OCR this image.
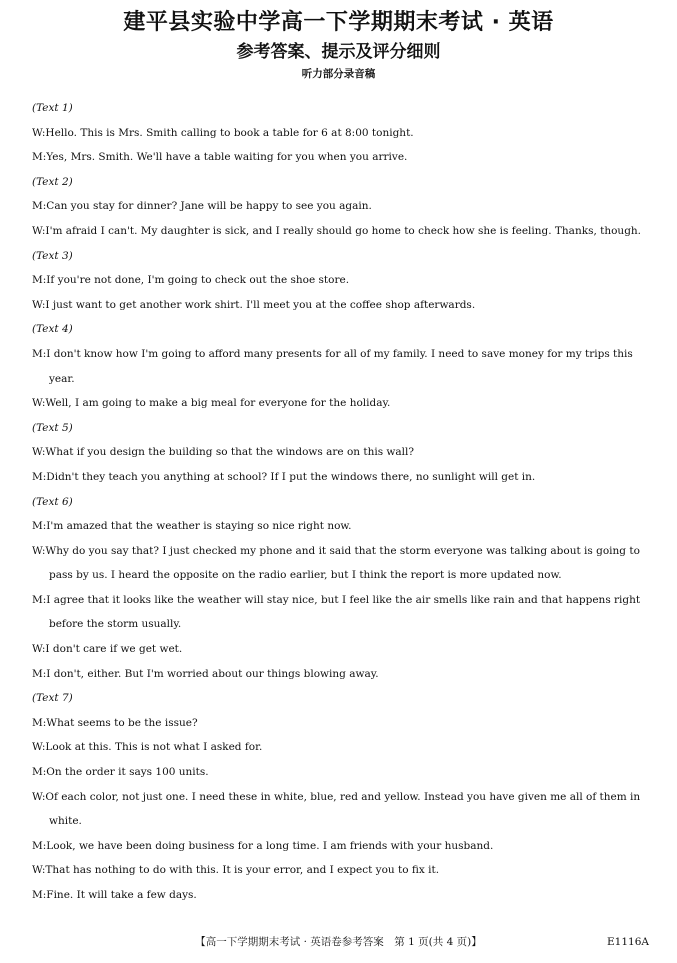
建平县实验中学高一下学期期末考试 · 英语
参考答案、提示及评分细则
听力部分录音稿
(Text 1)
W:Hello. This is Mrs. Smith calling to book a table for 6 at 8:00 tonight.
M:Yes, Mrs. Smith. We'll have a table waiting for you when you arrive.
(Text 2)
M:Can you stay for dinner? Jane will be happy to see you again.
W:I'm afraid I can't. My daughter is sick, and I really should go home to check how she is feeling. Thanks, though.
(Text 3)
M:If you're not done, I'm going to check out the shoe store.
W:I just want to get another work shirt. I'll meet you at the coffee shop afterwards.
(Text 4)
M:I don't know how I'm going to afford many presents for all of my family. I need to save money for my trips this year.
W:Well, I am going to make a big meal for everyone for the holiday.
(Text 5)
W:What if you design the building so that the windows are on this wall?
M:Didn't they teach you anything at school? If I put the windows there, no sunlight will get in.
(Text 6)
M:I'm amazed that the weather is staying so nice right now.
W:Why do you say that? I just checked my phone and it said that the storm everyone was talking about is going to pass by us. I heard the opposite on the radio earlier, but I think the report is more updated now.
M:I agree that it looks like the weather will stay nice, but I feel like the air smells like rain and that happens right before the storm usually.
W:I don't care if we get wet.
M:I don't, either. But I'm worried about our things blowing away.
(Text 7)
M:What seems to be the issue?
W:Look at this. This is not what I asked for.
M:On the order it says 100 units.
W:Of each color, not just one. I need these in white, blue, red and yellow. Instead you have given me all of them in white.
M:Look, we have been doing business for a long time. I am friends with your husband.
W:That has nothing to do with this. It is your error, and I expect you to fix it.
M:Fine. It will take a few days.
【高一下学期期末考试 · 英语卷参考答案　第 1 页(共 4 页)】	E1116A
